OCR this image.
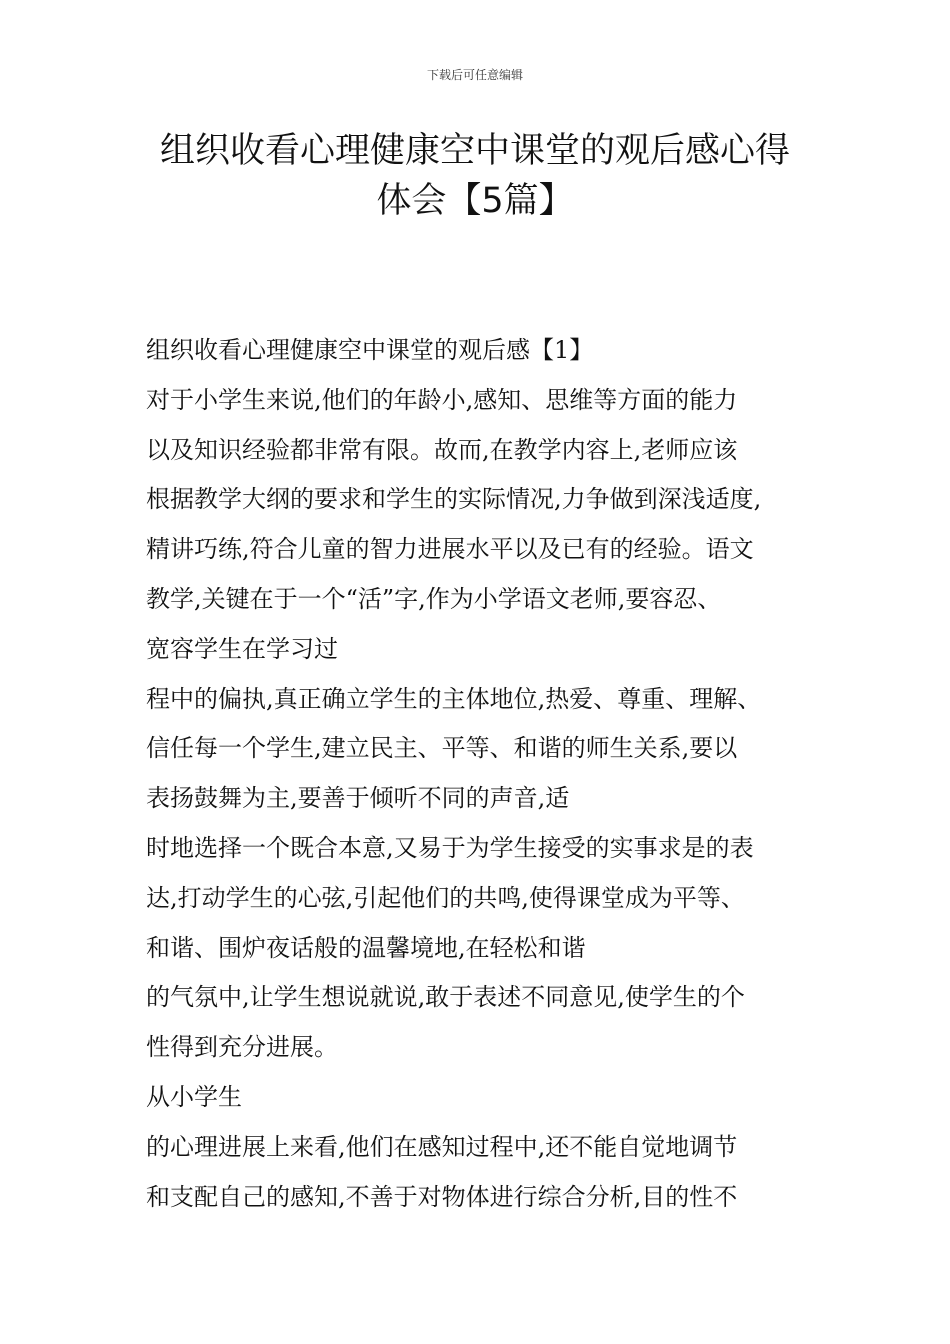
下载后可任意编辑
组织收看心理健康空中课堂的观后感心得
体会【5篇】
组织收看心理健康空中课堂的观后感【1】
对于小学生来说,他们的年龄小,感知、思维等方面的能力
以及知识经验都非常有限。故而,在教学内容上,老师应该
根据教学大纲的要求和学生的实际情况,力争做到深浅适度,
精讲巧练,符合儿童的智力进展水平以及已有的经验。语文
教学,关键在于一个“活”字,作为小学语文老师,要容忍、
宽容学生在学习过
程中的偏执,真正确立学生的主体地位,热爱、尊重、理解、
信任每一个学生,建立民主、平等、和谐的师生关系,要以
表扬鼓舞为主,要善于倾听不同的声音,适
时地选择一个既合本意,又易于为学生接受的实事求是的表
达,打动学生的心弦,引起他们的共鸣,使得课堂成为平等、
和谐、围炉夜话般的温馨境地,在轻松和谐
的气氛中,让学生想说就说,敢于表述不同意见,使学生的个
性得到充分进展。
从小学生
的心理进展上来看,他们在感知过程中,还不能自觉地调节
和支配自己的感知,不善于对物体进行综合分析,目的性不
